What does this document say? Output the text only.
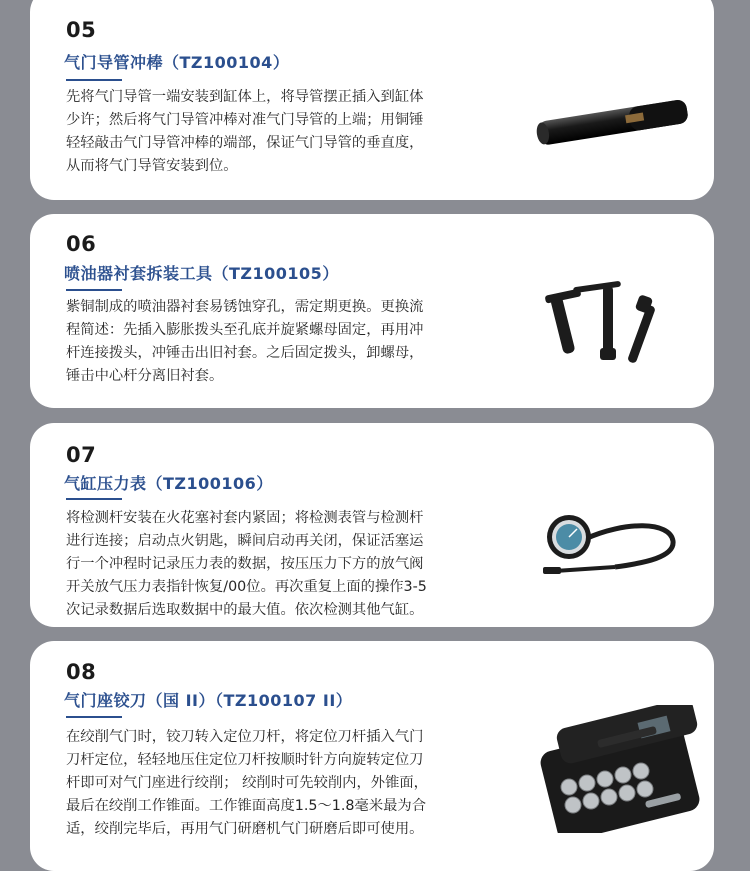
05
气门导管冲棒（TZ100104）
先将气门导管一端安装到缸体上，将导管摆正插入到缸体
少许；然后将气门导管冲棒对准气门导管的上端；用铜锤
轻轻敲击气门导管冲棒的端部，保证气门导管的垂直度，
从而将气门导管安装到位。
06
喷油器衬套拆装工具（TZ100105）
紫铜制成的喷油器衬套易锈蚀穿孔，需定期更换。更换流
程简述：先插入膨胀拨头至孔底并旋紧螺母固定，再用冲
杆连接拨头，冲锤击出旧衬套。之后固定拨头，卸螺母，
锤击中心杆分离旧衬套。
07
气缸压力表（TZ100106）
将检测杆安装在火花塞衬套内紧固；将检测表管与检测杆
进行连接；启动点火钥匙，瞬间启动再关闭，保证活塞运
行一个冲程时记录压力表的数据，按压压力下方的放气阀
开关放气压力表指针恢复/00位。再次重复上面的操作3-5
次记录数据后选取数据中的最大值。依次检测其他气缸。
08
气门座铰刀（国 II）（TZ100107 II）
在绞削气门时，铰刀转入定位刀杆，将定位刀杆插入气门
刀杆定位，轻轻地压住定位刀杆按顺时针方向旋转定位刀
杆即可对气门座进行绞削； 绞削时可先较削内，外锥面，
最后在绞削工作锥面。工作锥面高度1.5～1.8毫米最为合
适，绞削完毕后，再用气门研磨机气门研磨后即可使用。
